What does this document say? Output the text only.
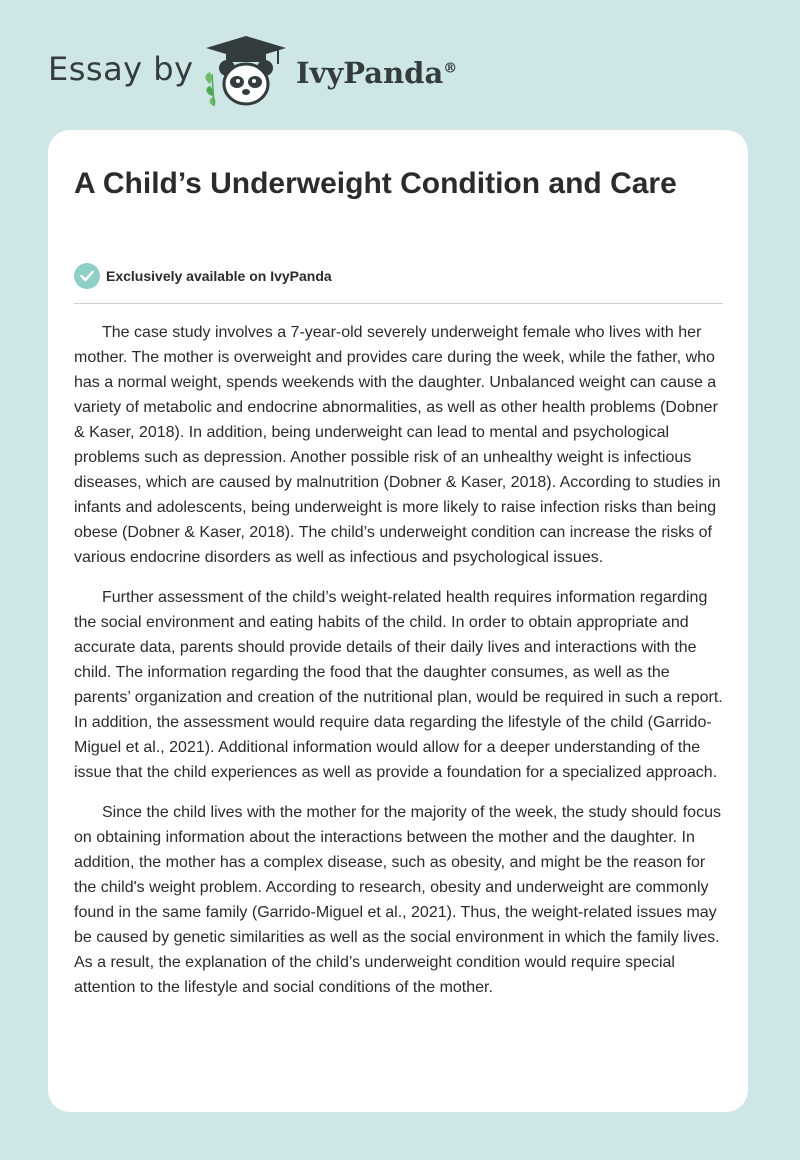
Essay by	IvyPanda®
A Child’s Underweight Condition and Care
Exclusively available on IvyPanda

The case study involves a 7-year-old severely underweight female who lives with her mother. The mother is overweight and provides care during the week, while the father, who has a normal weight, spends weekends with the daughter. Unbalanced weight can cause a variety of metabolic and endocrine abnormalities, as well as other health problems (Dobner & Kaser, 2018). In addition, being underweight can lead to mental and psychological problems such as depression. Another possible risk of an unhealthy weight is infectious diseases, which are caused by malnutrition (Dobner & Kaser, 2018). According to studies in infants and adolescents, being underweight is more likely to raise infection risks than being obese (Dobner & Kaser, 2018). The child’s underweight condition can increase the risks of various endocrine disorders as well as infectious and psychological issues.

Further assessment of the child’s weight-related health requires information regarding the social environment and eating habits of the child. In order to obtain appropriate and accurate data, parents should provide details of their daily lives and interactions with the child. The information regarding the food that the daughter consumes, as well as the parents’ organization and creation of the nutritional plan, would be required in such a report. In addition, the assessment would require data regarding the lifestyle of the child (Garrido-Miguel et al., 2021). Additional information would allow for a deeper understanding of the issue that the child experiences as well as provide a foundation for a specialized approach.

Since the child lives with the mother for the majority of the week, the study should focus on obtaining information about the interactions between the mother and the daughter. In addition, the mother has a complex disease, such as obesity, and might be the reason for the child's weight problem. According to research, obesity and underweight are commonly found in the same family (Garrido-Miguel et al., 2021). Thus, the weight-related issues may be caused by genetic similarities as well as the social environment in which the family lives. As a result, the explanation of the child’s underweight condition would require special attention to the lifestyle and social conditions of the mother.
